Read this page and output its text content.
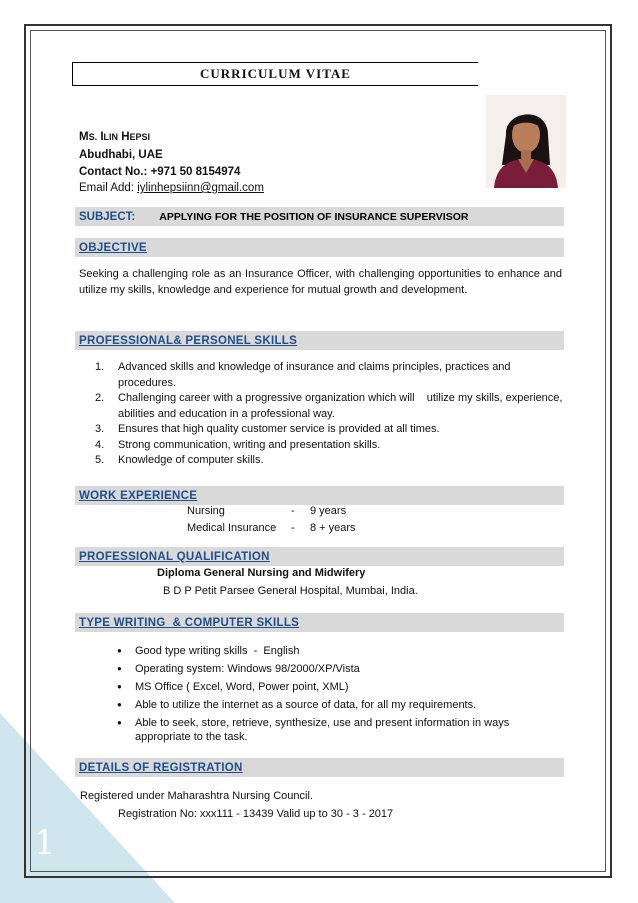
1
CURRICULUM VITAE
MS. ILIN HEPSI
Abudhabi, UAE
Contact No.: +971 50 8154974
Email Add: iylinhepsiinn@gmail.com
SUBJECT: APPLYING FOR THE POSITION OF INSURANCE SUPERVISOR
OBJECTIVE
Seeking a challenging role as an Insurance Officer, with challenging opportunities to enhance and utilize my skills, knowledge and experience for mutual growth and development.
PROFESSIONAL& PERSONEL SKILLS
1. Advanced skills and knowledge of insurance and claims principles, practices and procedures.
2. Challenging career with a progressive organization which will    utilize my skills, experience, abilities and education in a professional way.
3. Ensures that high quality customer service is provided at all times.
4. Strong communication, writing and presentation skills.
5. Knowledge of computer skills.
WORK EXPERIENCE
Nursing	- 9 years
Medical Insurance - 8 + years
PROFESSIONAL QUALIFICATION
Diploma General Nursing and Midwifery
B D P Petit Parsee General Hospital, Mumbai, India.
TYPE WRITING  & COMPUTER SKILLS
● Good type writing skills  -  English
● Operating system: Windows 98/2000/XP/Vista
● MS Office ( Excel, Word, Power point, XML)
● Able to utilize the internet as a source of data, for all my requirements.
● Able to seek, store, retrieve, synthesize, use and present information in ways appropriate to the task.
DETAILS OF REGISTRATION
Registered under Maharashtra Nursing Council.
Registration No: xxx111 - 13439 Valid up to 30 - 3 - 2017
